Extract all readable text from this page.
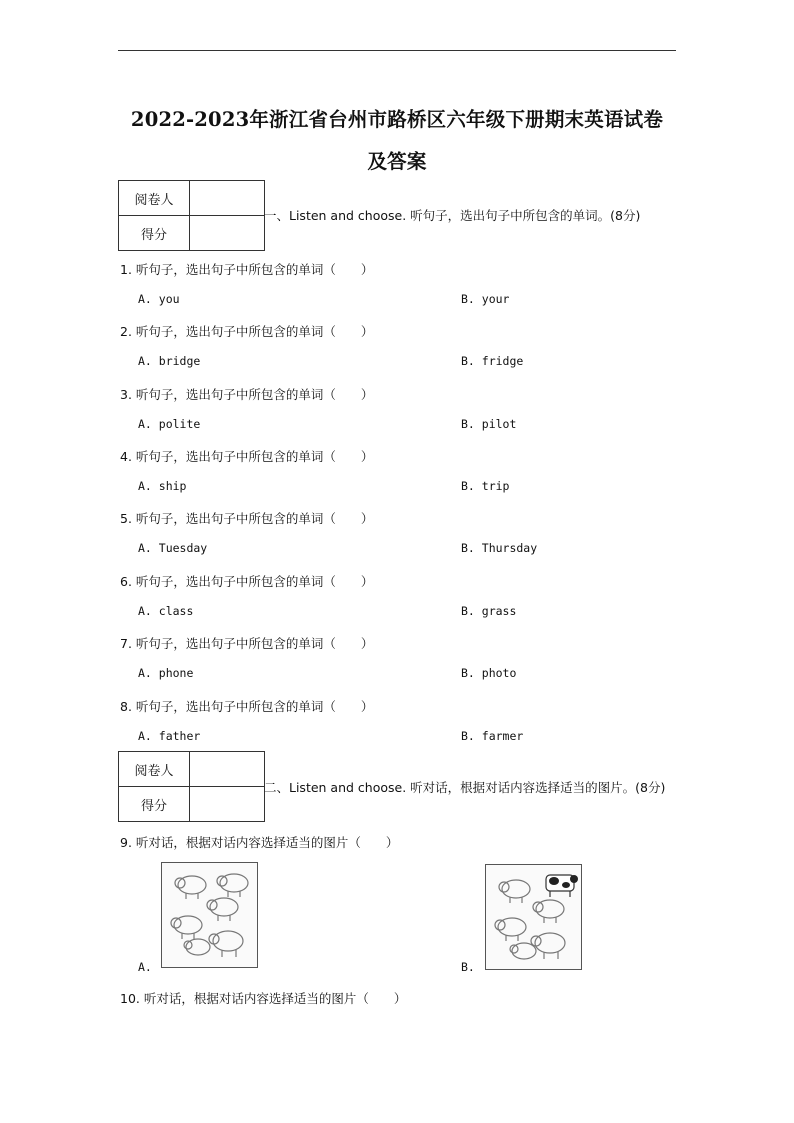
2022-2023年浙江省台州市路桥区六年级下册期末英语试卷
及答案
阅卷人	
得分	
一、Listen and choose. 听句子，选出句子中所包含的单词。(8分)
1. 听句子，选出句子中所包含的单词（　　）
A. you	B. your
2. 听句子，选出句子中所包含的单词（　　）
A. bridge	B. fridge
3. 听句子，选出句子中所包含的单词（　　）
A. polite	B. pilot
4. 听句子，选出句子中所包含的单词（　　）
A. ship	B. trip
5. 听句子，选出句子中所包含的单词（　　）
A. Tuesday	B. Thursday
6. 听句子，选出句子中所包含的单词（　　）
A. class	B. grass
7. 听句子，选出句子中所包含的单词（　　）
A. phone	B. photo
8. 听句子，选出句子中所包含的单词（　　）
A. father	B. farmer
阅卷人	
得分	
二、Listen and choose. 听对话，根据对话内容选择适当的图片。(8分)
9. 听对话，根据对话内容选择适当的图片（　　）
A.	B.
10. 听对话，根据对话内容选择适当的图片（　　）
